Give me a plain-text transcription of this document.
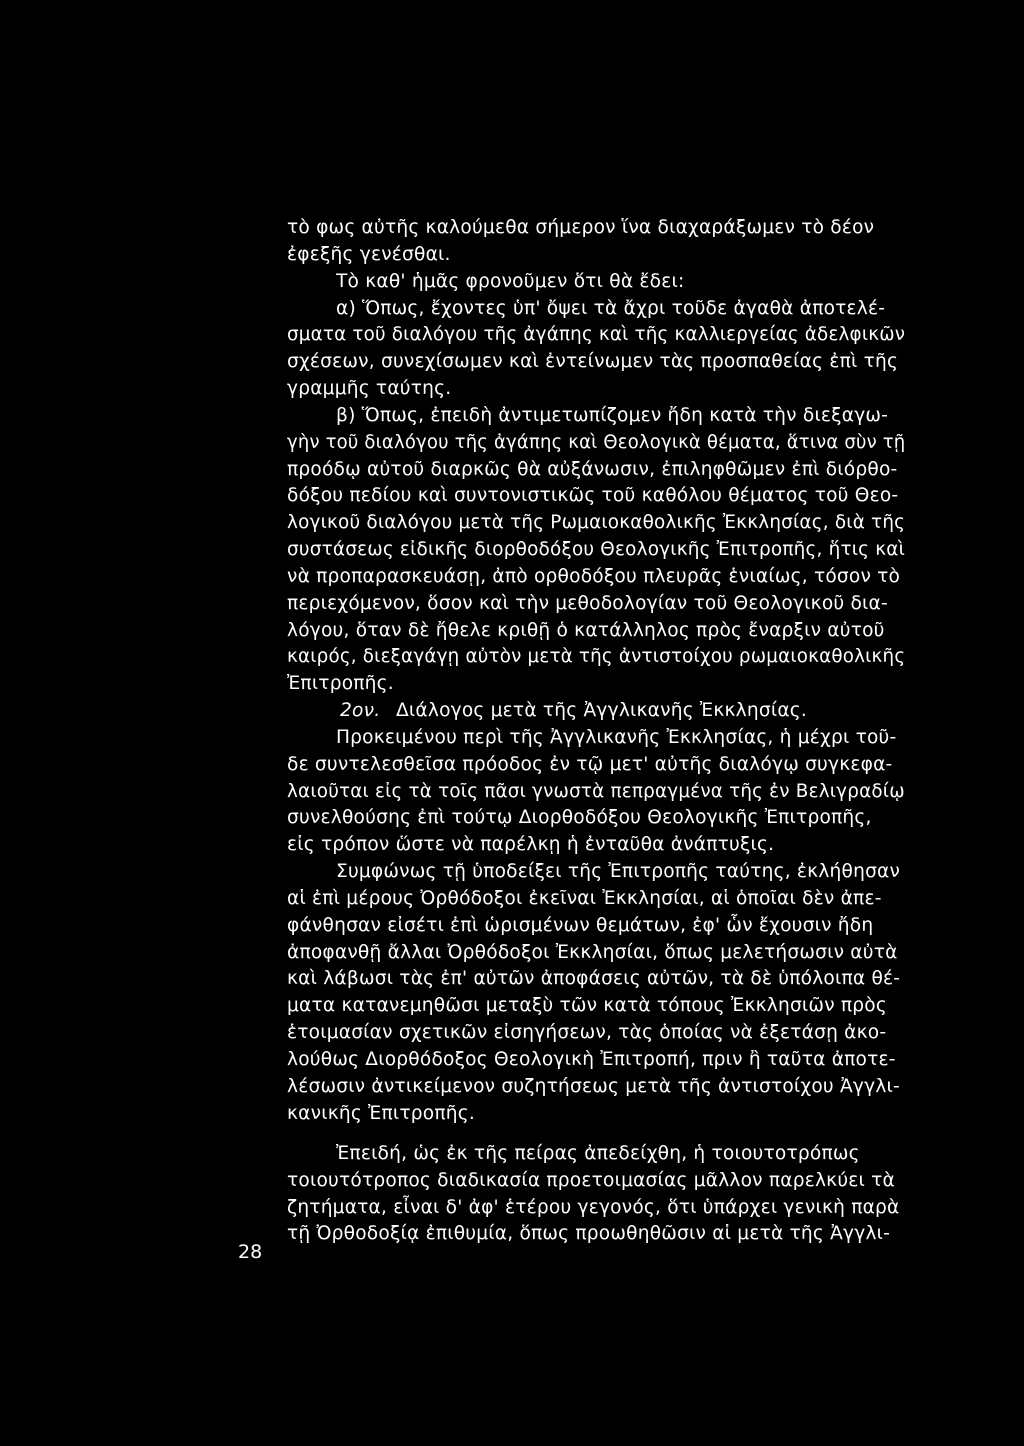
τὸ φως αὐτῆς καλούμεθα σήμερον ἵνα διαχαράξωμεν τὸ δέον
ἐφεξῆς γενέσθαι.
Τὸ καθ' ἡμᾶς φρονοῦμεν ὅτι θὰ ἔδει:
α) Ὅπως, ἔχοντες ὑπ' ὄψει τὰ ἄχρι τοῦδε ἀγαθὰ ἀποτελέ-
σματα τοῦ διαλόγου τῆς ἀγάπης καὶ τῆς καλλιεργείας ἀδελφικῶν
σχέσεων, συνεχίσωμεν καὶ ἐντείνωμεν τὰς προσπαθείας ἐπὶ τῆς
γραμμῆς ταύτης.
β) Ὅπως, ἐπειδὴ ἀντιμετωπίζομεν ἤδη κατὰ τὴν διεξαγω-
γὴν τοῦ διαλόγου τῆς ἀγάπης καὶ Θεολογικὰ θέματα, ἅτινα σὺν τῇ
προόδῳ αὐτοῦ διαρκῶς θὰ αὐξάνωσιν, ἐπιληφθῶμεν ἐπὶ διόρθο-
δόξου πεδίου καὶ συντονιστικῶς τοῦ καθόλου θέματος τοῦ Θεο-
λογικοῦ διαλόγου μετὰ τῆς Ρωμαιοκαθολικῆς Ἐκκλησίας, διὰ τῆς
συστάσεως εἰδικῆς διορθοδόξου Θεολογικῆς Ἐπιτροπῆς, ἥτις καὶ
νὰ προπαρασκευάσῃ, ἀπὸ ορθοδόξου πλευρᾶς ἑνιαίως, τόσον τὸ
περιεχόμενον, ὅσον καὶ τὴν μεθοδολογίαν τοῦ Θεολογικοῦ δια-
λόγου, ὅταν δὲ ἤθελε κριθῇ ὁ κατάλληλος πρὸς ἔναρξιν αὐτοῦ
καιρός, διεξαγάγῃ αὐτὸν μετὰ τῆς ἀντιστοίχου ρωμαιοκαθολικῆς
Ἐπιτροπῆς.
2ον. Διάλογος μετὰ τῆς Ἀγγλικανῆς Ἐκκλησίας.
Προκειμένου περὶ τῆς Ἀγγλικανῆς Ἐκκλησίας, ἡ μέχρι τοῦ-
δε συντελεσθεῖσα πρόοδος ἐν τῷ μετ' αὐτῆς διαλόγῳ συγκεφα-
λαιοῦται εἰς τὰ τοῖς πᾶσι γνωστὰ πεπραγμένα τῆς ἐν Βελιγραδίῳ
συνελθούσης ἐπὶ τούτῳ Διορθοδόξου Θεολογικῆς Ἐπιτροπῆς,
εἰς τρόπον ὥστε νὰ παρέλκῃ ἡ ἐνταῦθα ἀνάπτυξις.
Συμφώνως τῇ ὑποδείξει τῆς Ἐπιτροπῆς ταύτης, ἐκλήθησαν
αἱ ἐπὶ μέρους Ὀρθόδοξοι ἐκεῖναι Ἐκκλησίαι, αἱ ὁποῖαι δὲν ἀπε-
φάνθησαν εἰσέτι ἐπὶ ὡρισμένων θεμάτων, ἐφ' ὧν ἔχουσιν ἤδη
ἀποφανθῇ ἄλλαι Ὀρθόδοξοι Ἐκκλησίαι, ὅπως μελετήσωσιν αὐτὰ
καὶ λάβωσι τὰς ἐπ' αὐτῶν ἀποφάσεις αὐτῶν, τὰ δὲ ὑπόλοιπα θέ-
ματα κατανεμηθῶσι μεταξὺ τῶν κατὰ τόπους Ἐκκλησιῶν πρὸς
ἑτοιμασίαν σχετικῶν εἰσηγήσεων, τὰς ὁποίας νὰ ἐξετάσῃ ἀκο-
λούθως Διορθόδοξος Θεολογικὴ Ἐπιτροπή, πριν ἢ ταῦτα ἀποτε-
λέσωσιν ἀντικείμενον συζητήσεως μετὰ τῆς ἀντιστοίχου Ἀγγλι-
κανικῆς Ἐπιτροπῆς.
Ἐπειδή, ὡς ἐκ τῆς πείρας ἀπεδείχθη, ἡ τοιουτοτρόπως
τοιουτότροπος διαδικασία προετοιμασίας μᾶλλον παρελκύει τὰ
ζητήματα, εἶναι δ' ἀφ' ἑτέρου γεγονός, ὅτι ὑπάρχει γενικὴ παρὰ
τῇ Ὀρθοδοξίᾳ ἐπιθυμία, ὅπως προωθηθῶσιν αἱ μετὰ τῆς Ἀγγλι-
28
